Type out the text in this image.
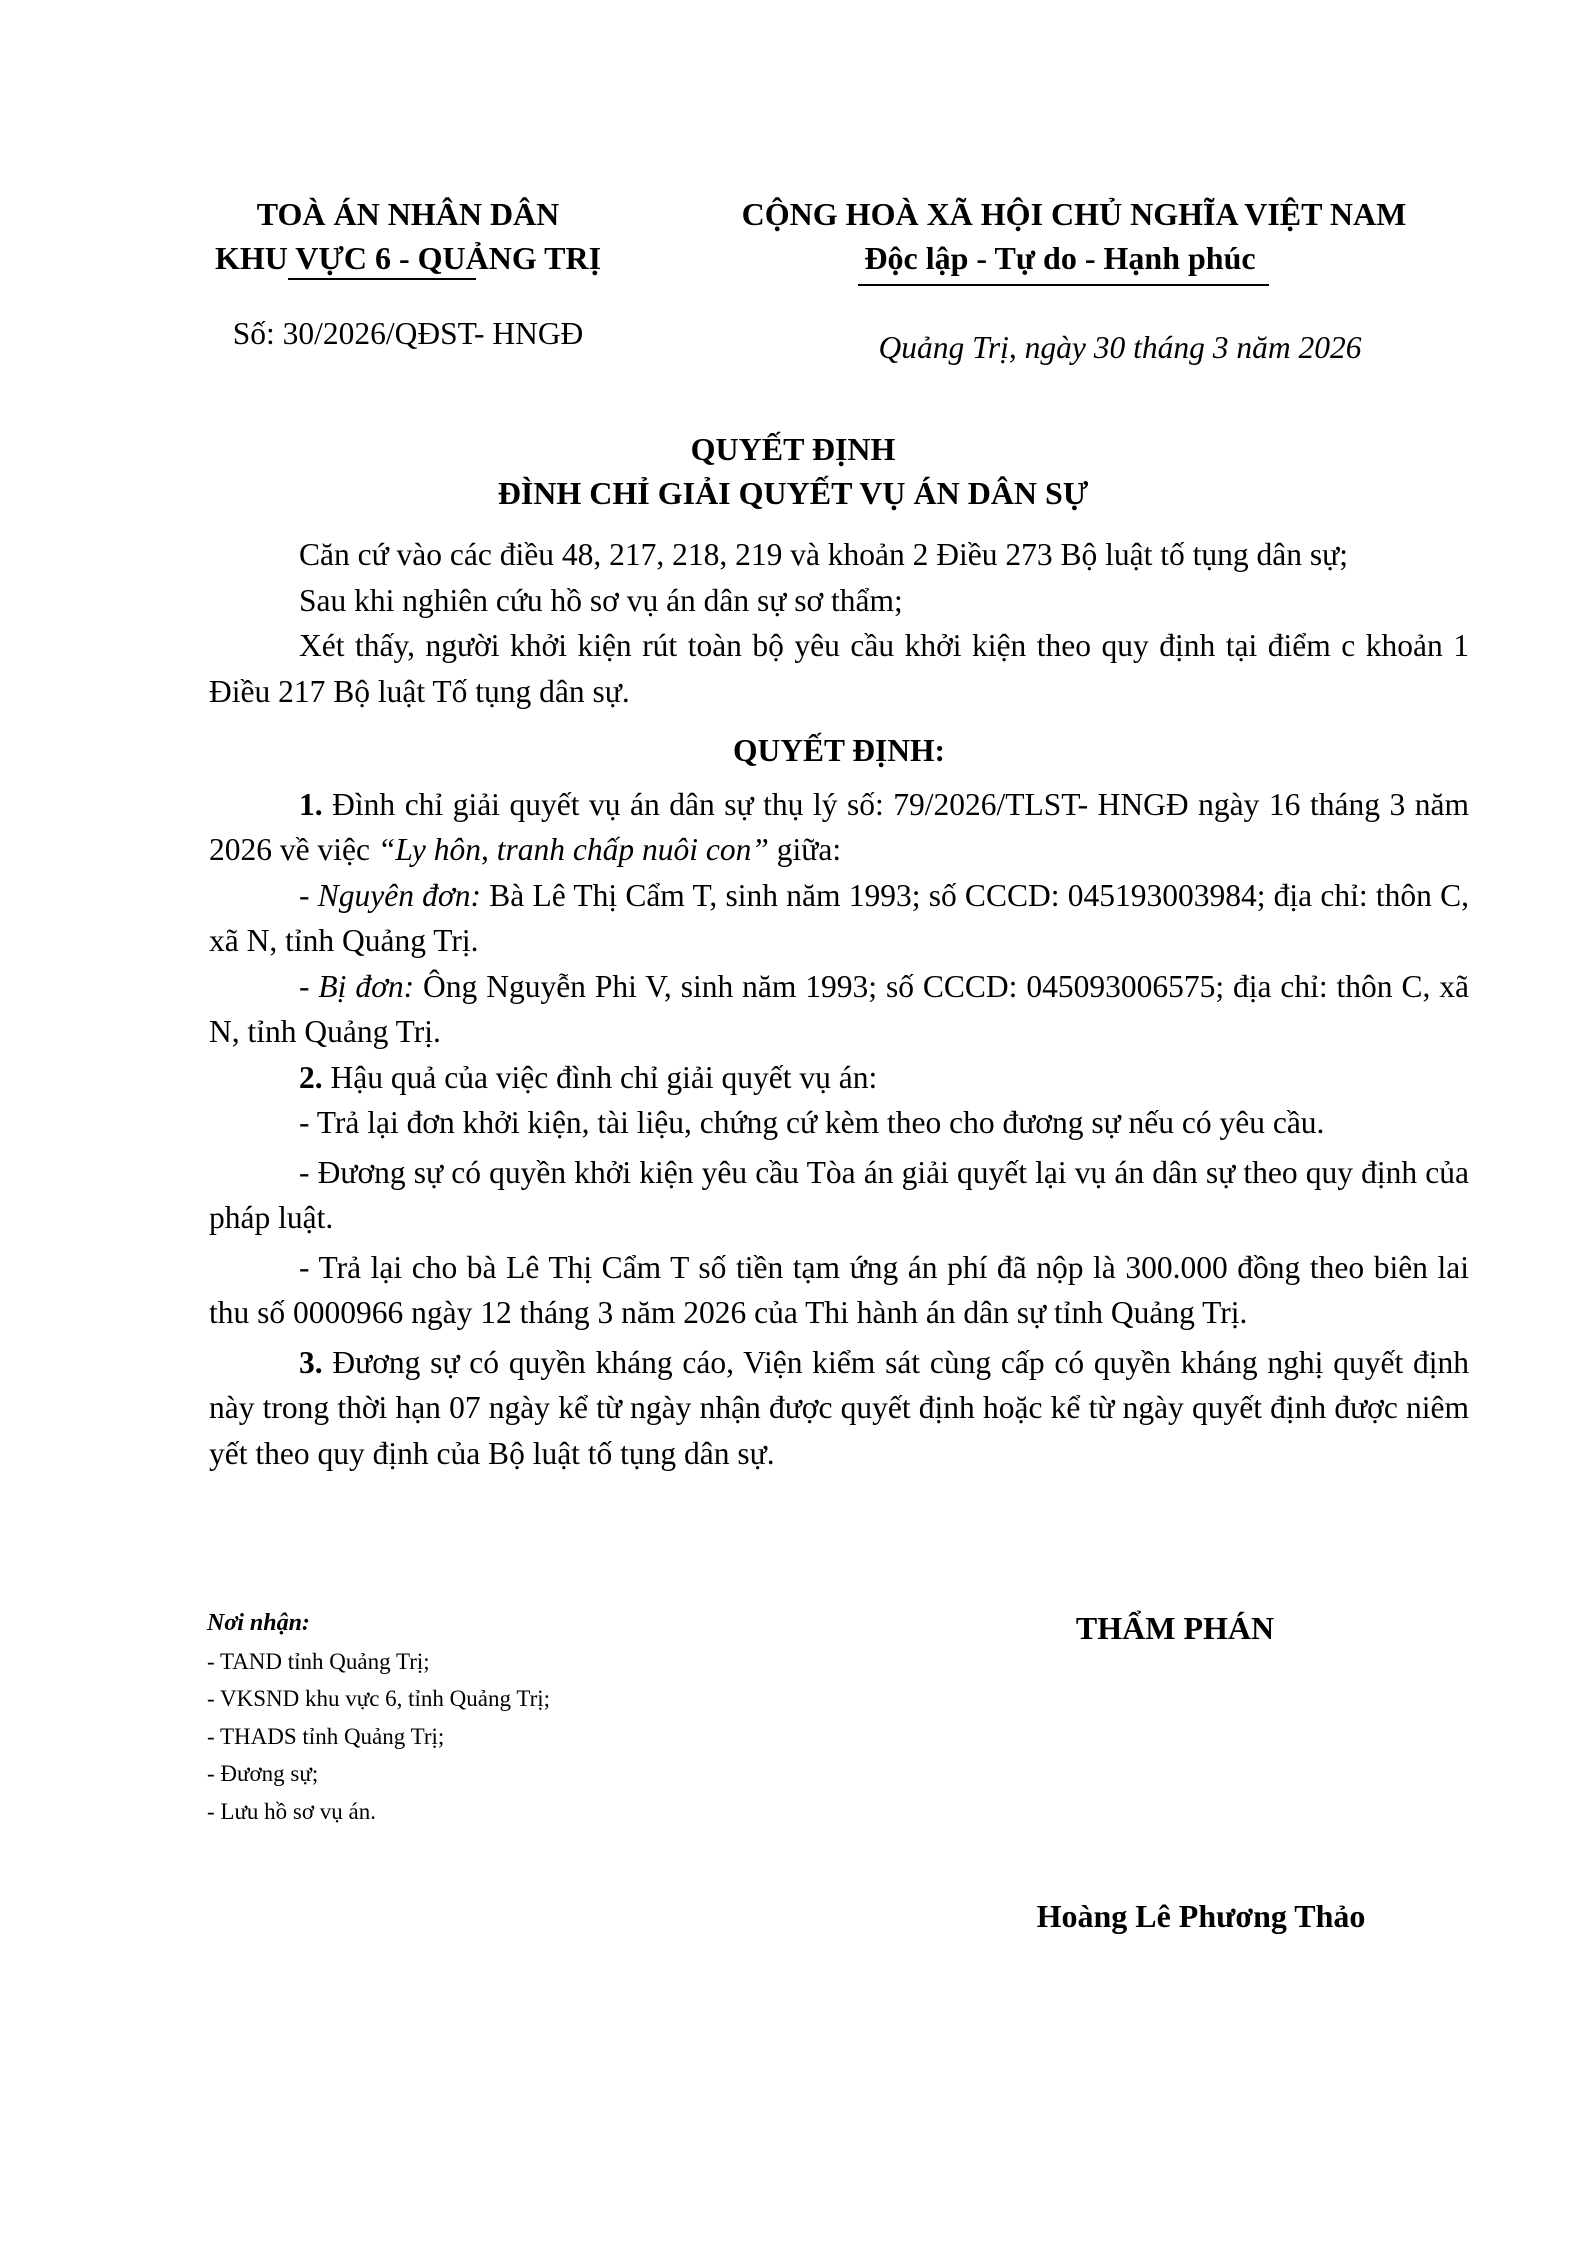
TOÀ ÁN NHÂN DÂN
KHU VỰC 6 - QUẢNG TRỊ
Số: 30/2026/QĐST- HNGĐ
CỘNG HOÀ XÃ HỘI CHỦ NGHĨA VIỆT NAM
Độc lập - Tự do - Hạnh phúc
Quảng Trị, ngày 30 tháng 3 năm 2026
QUYẾT ĐỊNH
ĐÌNH CHỈ GIẢI QUYẾT VỤ ÁN DÂN SỰ

Căn cứ vào các điều 48, 217, 218, 219 và khoản 2 Điều 273 Bộ luật tố tụng dân sự;

Sau khi nghiên cứu hồ sơ vụ án dân sự sơ thẩm;

Xét thấy, người khởi kiện rút toàn bộ yêu cầu khởi kiện theo quy định tại điểm c khoản 1 Điều 217 Bộ luật Tố tụng dân sự.

QUYẾT ĐỊNH:

1. Đình chỉ giải quyết vụ án dân sự thụ lý số: 79/2026/TLST- HNGĐ ngày 16 tháng 3 năm 2026 về việc “Ly hôn, tranh chấp nuôi con” giữa:

- Nguyên đơn: Bà Lê Thị Cẩm T, sinh năm 1993; số CCCD: 045193003984; địa chỉ: thôn C, xã N, tỉnh Quảng Trị.

- Bị đơn: Ông Nguyễn Phi V, sinh năm 1993; số CCCD: 045093006575; địa chỉ: thôn C, xã N, tỉnh Quảng Trị.

2. Hậu quả của việc đình chỉ giải quyết vụ án:

- Trả lại đơn khởi kiện, tài liệu, chứng cứ kèm theo cho đương sự nếu có yêu cầu.

- Đương sự có quyền khởi kiện yêu cầu Tòa án giải quyết lại vụ án dân sự theo quy định của pháp luật.

- Trả lại cho bà Lê Thị Cẩm T số tiền tạm ứng án phí đã nộp là 300.000 đồng theo biên lai thu số 0000966 ngày 12 tháng 3 năm 2026 của Thi hành án dân sự tỉnh Quảng Trị.

3. Đương sự có quyền kháng cáo, Viện kiểm sát cùng cấp có quyền kháng nghị quyết định này trong thời hạn 07 ngày kể từ ngày nhận được quyết định hoặc kể từ ngày quyết định được niêm yết theo quy định của Bộ luật tố tụng dân sự.

Nơi nhận:
- TAND tỉnh Quảng Trị;
- VKSND khu vực 6, tỉnh Quảng Trị;
- THADS tỉnh Quảng Trị;
- Đương sự;
- Lưu hồ sơ vụ án.
THẨM PHÁN
Hoàng Lê Phương Thảo
